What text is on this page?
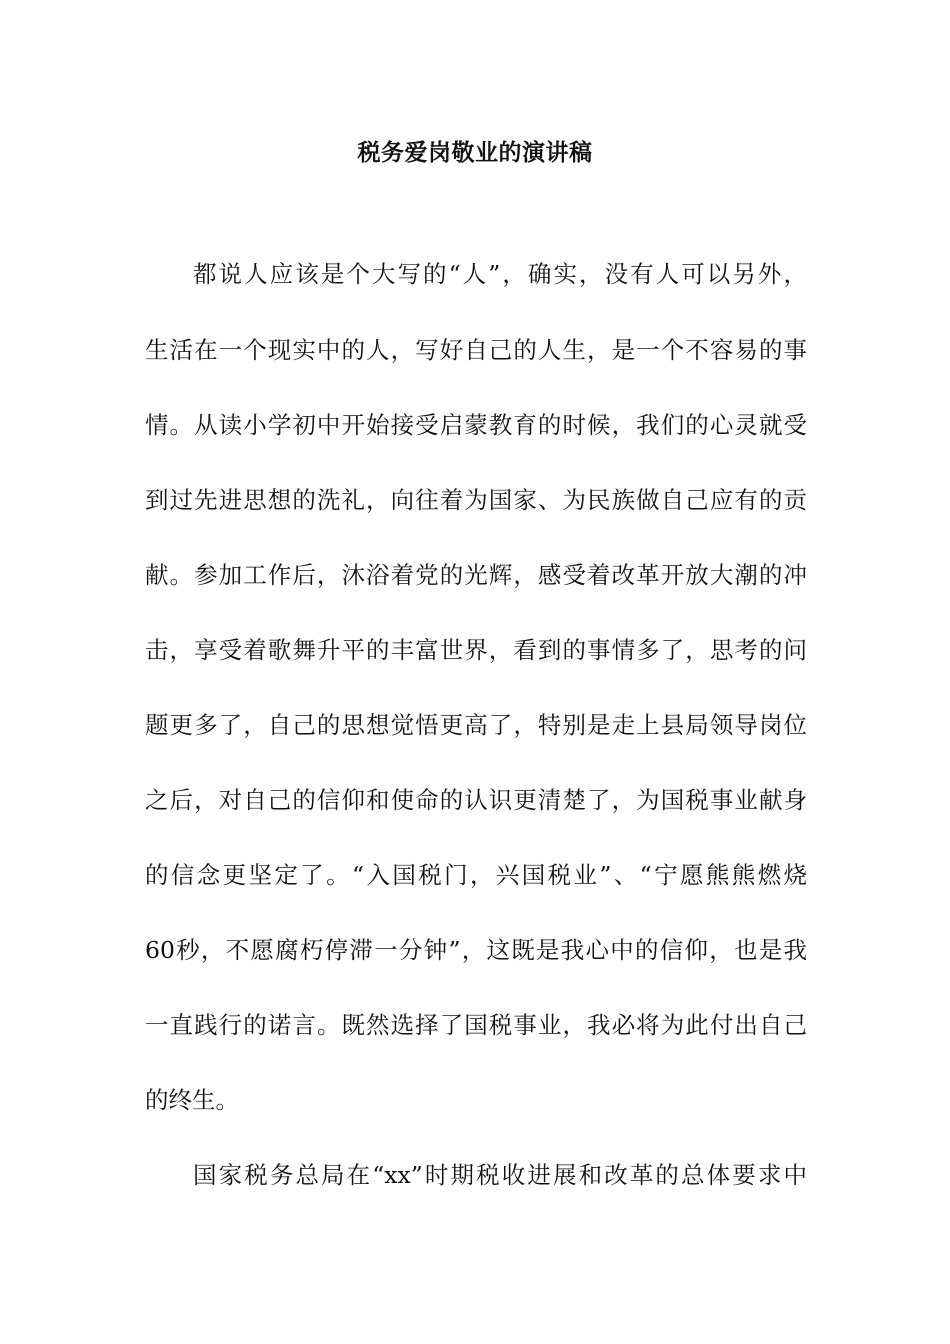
税务爱岗敬业的演讲稿
都说人应该是个大写的“人”，确实，没有人可以另外，
生活在一个现实中的人，写好自己的人生，是一个不容易的事
情。从读小学初中开始接受启蒙教育的时候，我们的心灵就受
到过先进思想的洗礼，向往着为国家、为民族做自己应有的贡
献。参加工作后，沐浴着党的光辉，感受着改革开放大潮的冲
击，享受着歌舞升平的丰富世界，看到的事情多了，思考的问
题更多了，自己的思想觉悟更高了，特别是走上县局领导岗位
之后，对自己的信仰和使命的认识更清楚了，为国税事业献身
的信念更坚定了。“入国税门，兴国税业”、“宁愿熊熊燃烧
60秒，不愿腐朽停滞一分钟”，这既是我心中的信仰，也是我
一直践行的诺言。既然选择了国税事业，我必将为此付出自己
的终生。
国家税务总局在“xx”时期税收进展和改革的总体要求中
